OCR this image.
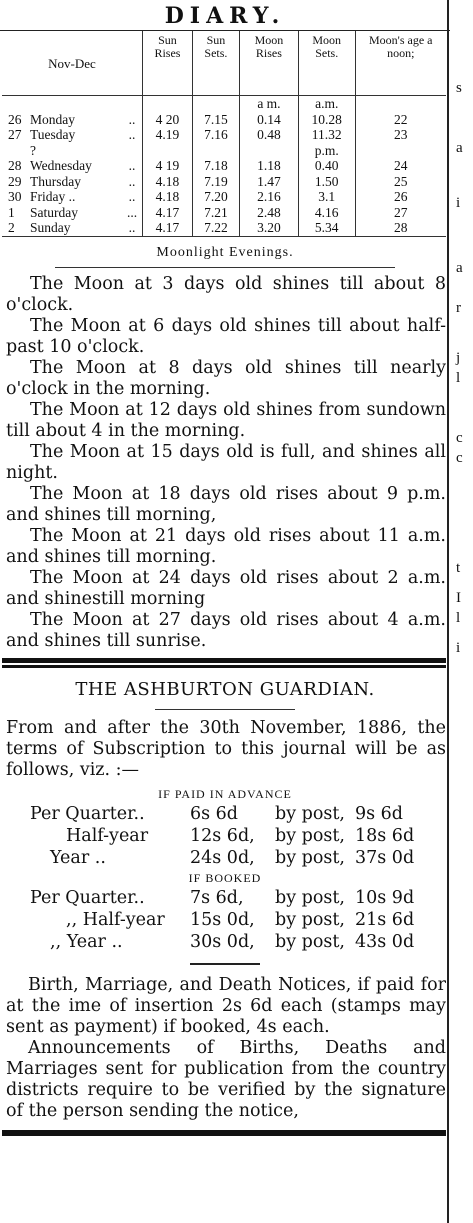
DIARY.
Nov-Dec			Sun Rises	Sun Sets.	Moon Rises	Moon Sets.	Moon's age a noon;
					a m.	a.m.	
26	Monday	..	4 20	7.15	0.14	10.28	22
27	Tuesday	..	4.19	7.16	0.48	11.32	23
	?					p.m.	
28	Wednesday	..	4 19	7.18	1.18	0.40	24
29	Thursday	..	4.18	7.19	1.47	1.50	25
30	Friday ..	..	4.18	7.20	2.16	3.1	26
1	Saturday	...	4.17	7.21	2.48	4.16	27
2	Sunday	..	4.17	7.22	3.20	5.34	28
Moonlight Evenings.

The Moon at 3 days old shines till about 8 o'clock.

The Moon at 6 days old shines till about half-past 10 o'clock.

The Moon at 8 days old shines till nearly o'clock in the morning.

The Moon at 12 days old shines from sundown till about 4 in the morning.

The Moon at 15 days old is full, and shines all night.

The Moon at 18 days old rises about 9 p.m. and shines till morning,

The Moon at 21 days old rises about 11 a.m. and shines till morning.

The Moon at 24 days old rises about 2 a.m. and shinestill morning

The Moon at 27 days old rises about 4 a.m. and shines till sunrise.

THE ASHBURTON GUARDIAN.

From and after the 30th November, 1886, the terms of Subscription to this journal will be as follows, viz. :—

IF PAID IN ADVANCE
Per Quarter..	6s 6d by post, 9s 6d
Half-year 12s 6d, by post, 18s 6d
Year ..	24s 0d, by post, 37s 0d
IF BOOKED
Per Quarter..	7s 6d, by post, 10s 9d
,, Half-year 15s 0d, by post, 21s 6d
,, Year ..	30s 0d, by post, 43s 0d

Birth, Marriage, and Death Notices, if paid for at the ime of insertion 2s 6d each (stamps may sent as payment) if booked, 4s each.

Announcements of Births, Deaths and Marriages sent for publication from the country districts require to be verified by the signature of the person sending the notice,

s
a
i
a
r
j
l
c
c
t
I
l
i
